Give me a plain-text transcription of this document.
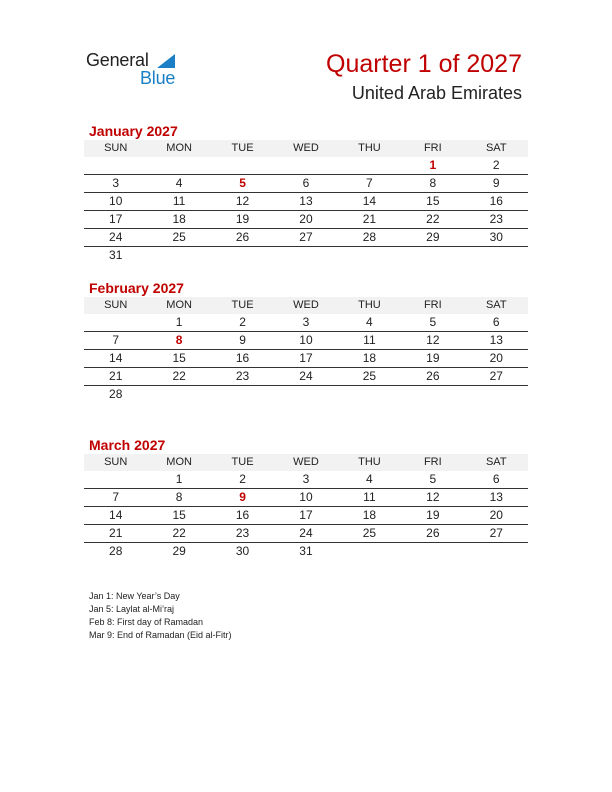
General
Blue	Quarter 1 of 2027
United Arab Emirates
January 2027
SUN	MON	TUE	WED	THU	FRI	SAT
					1	2
3	4	5	6	7	8	9
10	11	12	13	14	15	16
17	18	19	20	21	22	23
24	25	26	27	28	29	30
31						
February 2027
SUN	MON	TUE	WED	THU	FRI	SAT
	1	2	3	4	5	6
7	8	9	10	11	12	13
14	15	16	17	18	19	20
21	22	23	24	25	26	27
28						
March 2027
SUN	MON	TUE	WED	THU	FRI	SAT
	1	2	3	4	5	6
7	8	9	10	11	12	13
14	15	16	17	18	19	20
21	22	23	24	25	26	27
28	29	30	31			
Jan 1: New Year’s Day
Jan 5: Laylat al-Mi’raj
Feb 8: First day of Ramadan
Mar 9: End of Ramadan (Eid al-Fitr)
